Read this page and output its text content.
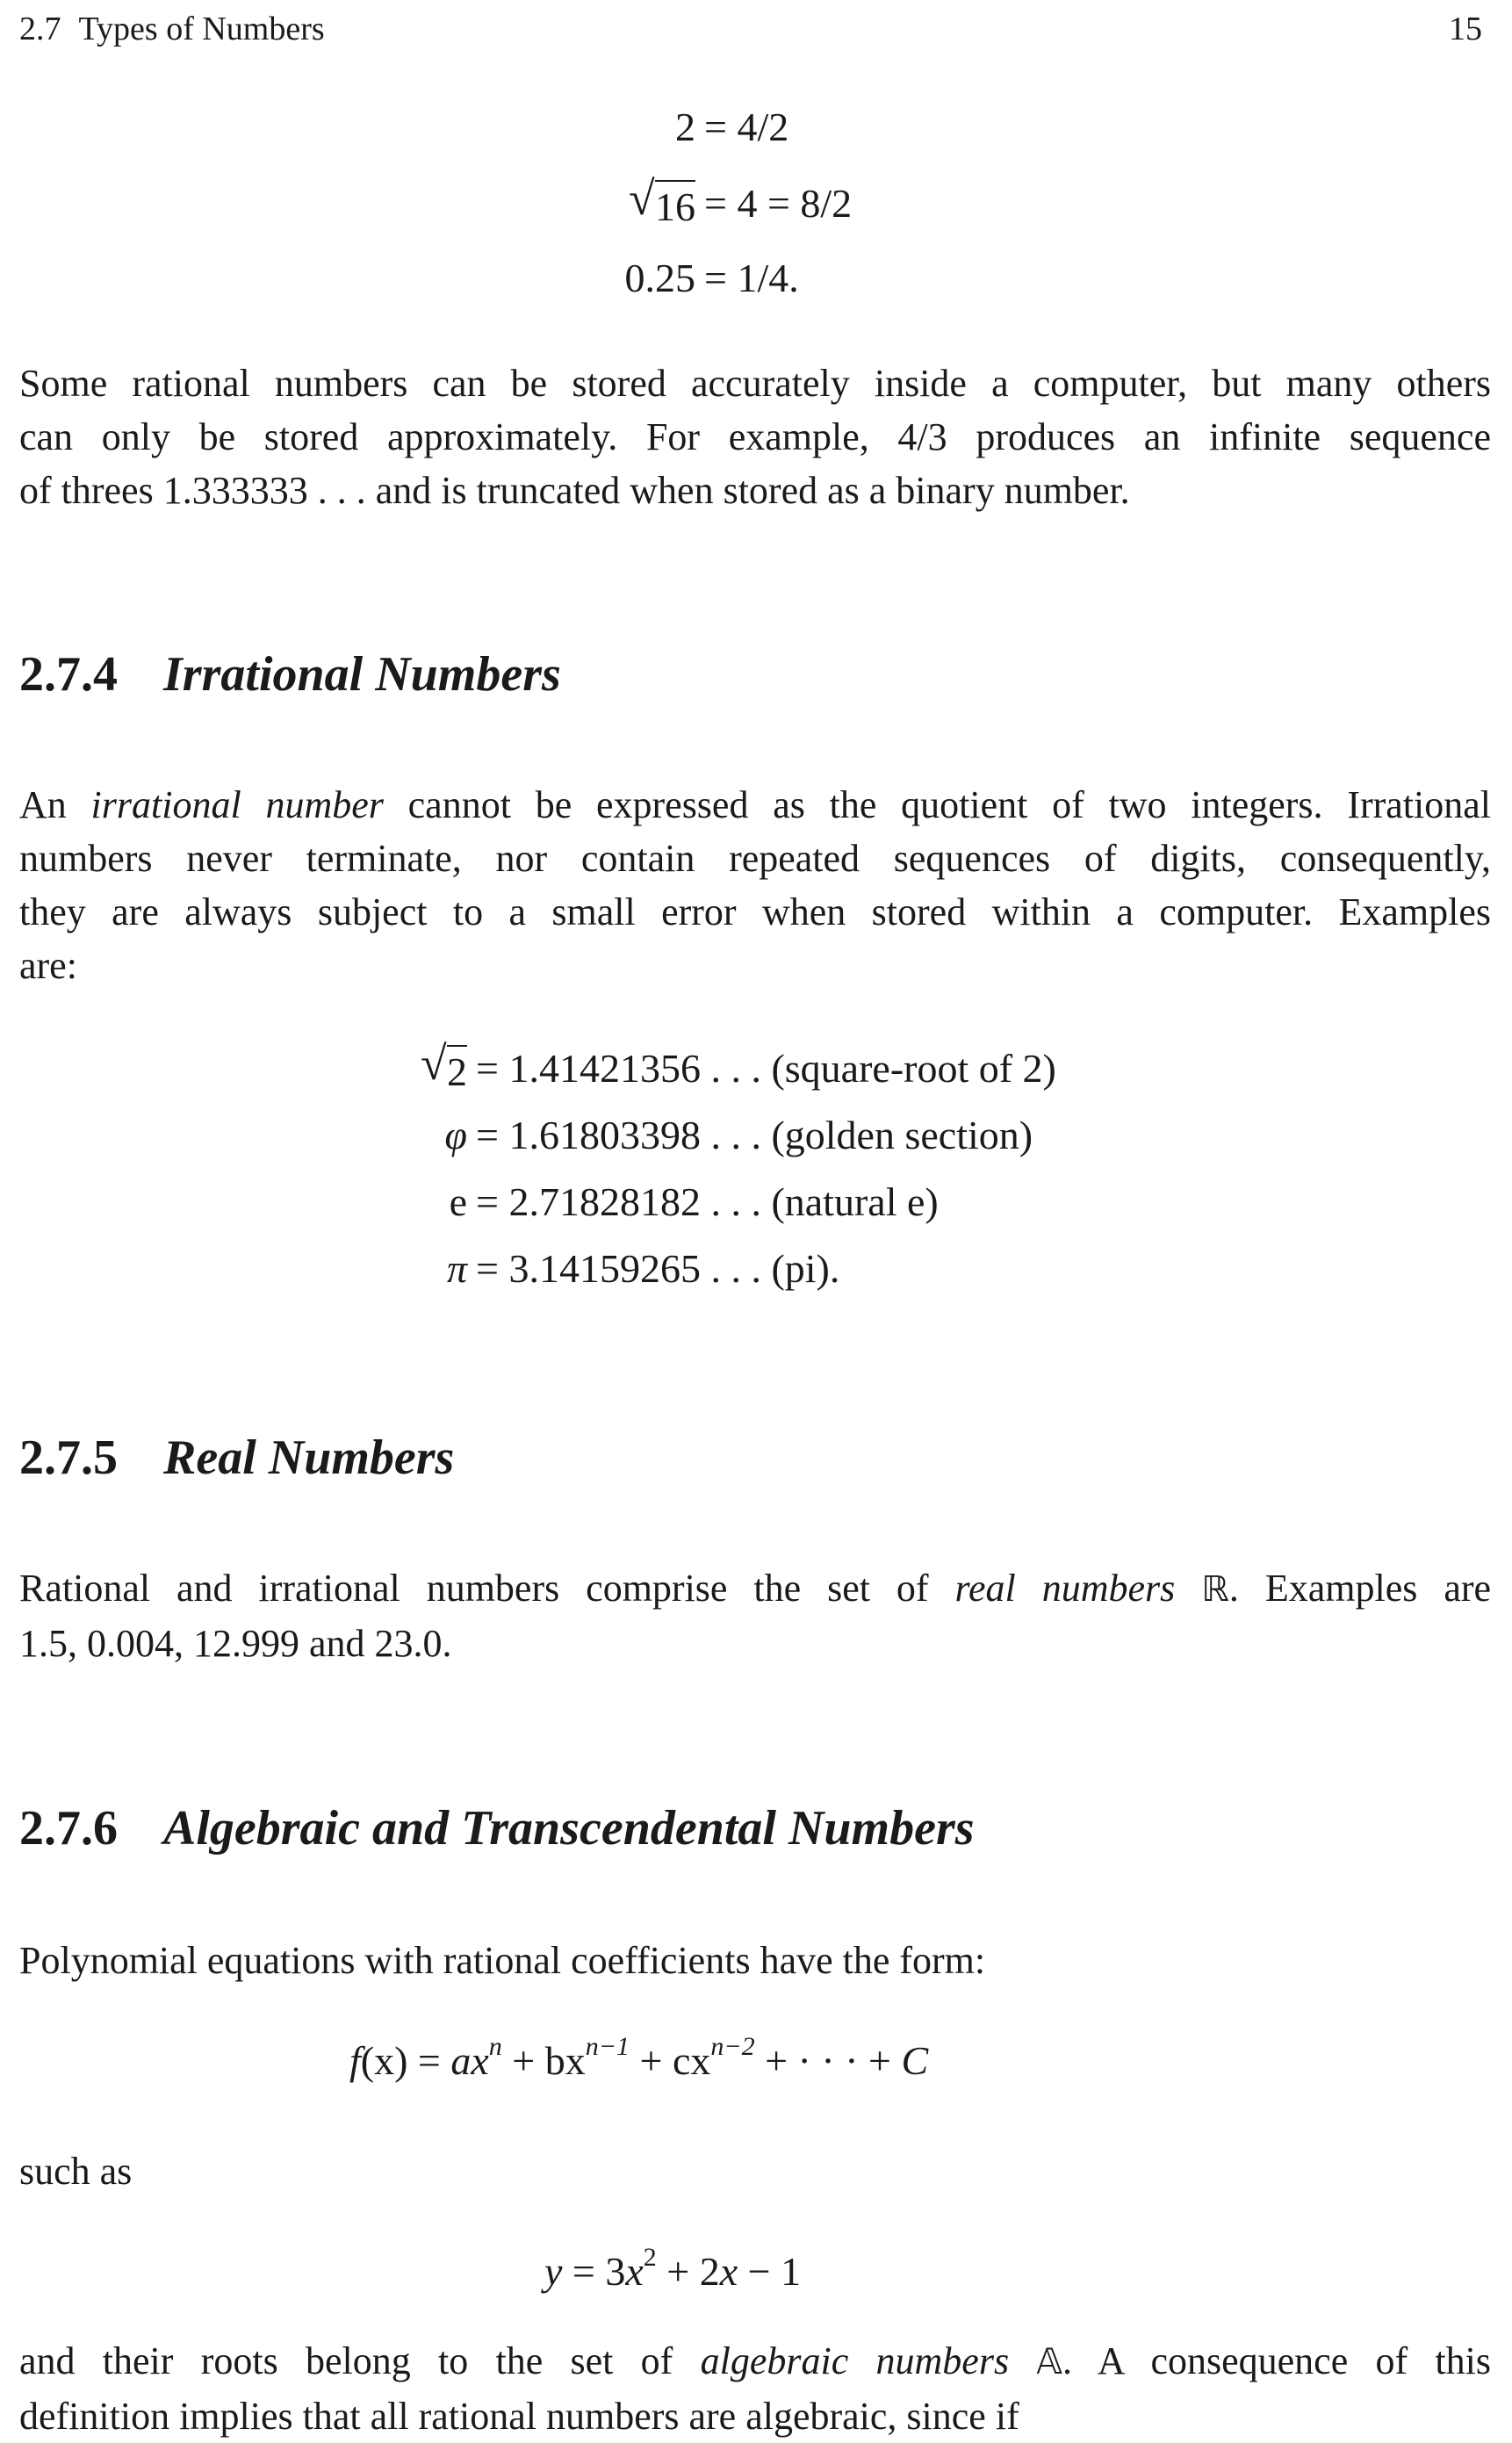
2.7 Types of Numbers	15
2 = 4/2
√ 16 = 4 = 8/2
0.25 = 1/4.
Some rational numbers can be stored accurately inside a computer, but many others
can only be stored approximately. For example, 4/3 produces an infinite sequence
of threes 1.333333 . . . and is truncated when stored as a binary number.
2.7.4 Irrational Numbers
An irrational number cannot be expressed as the quotient of two integers. Irrational
numbers never terminate, nor contain repeated sequences of digits, consequently,
they are always subject to a small error when stored within a computer. Examples
are:
√ 2 = 1.41421356 . . . (square-root of 2)
φ = 1.61803398 . . . (golden section)
e = 2.71828182 . . . (natural e)
π = 3.14159265 . . . (pi).
2.7.5 Real Numbers
Rational and irrational numbers comprise the set of real numbers ℝ. Examples are
1.5, 0.004, 12.999 and 23.0.
2.7.6 Algebraic and Transcendental Numbers
Polynomial equations with rational coefficients have the form:
$f(x) = ax^n + bx^{n-1} + cx^{n-2}$ + · · · + C
such as
$y = 3x^2 + 2x - 1$
and their roots belong to the set of algebraic numbers 𝔸. A consequence of this
definition implies that all rational numbers are algebraic, since if
